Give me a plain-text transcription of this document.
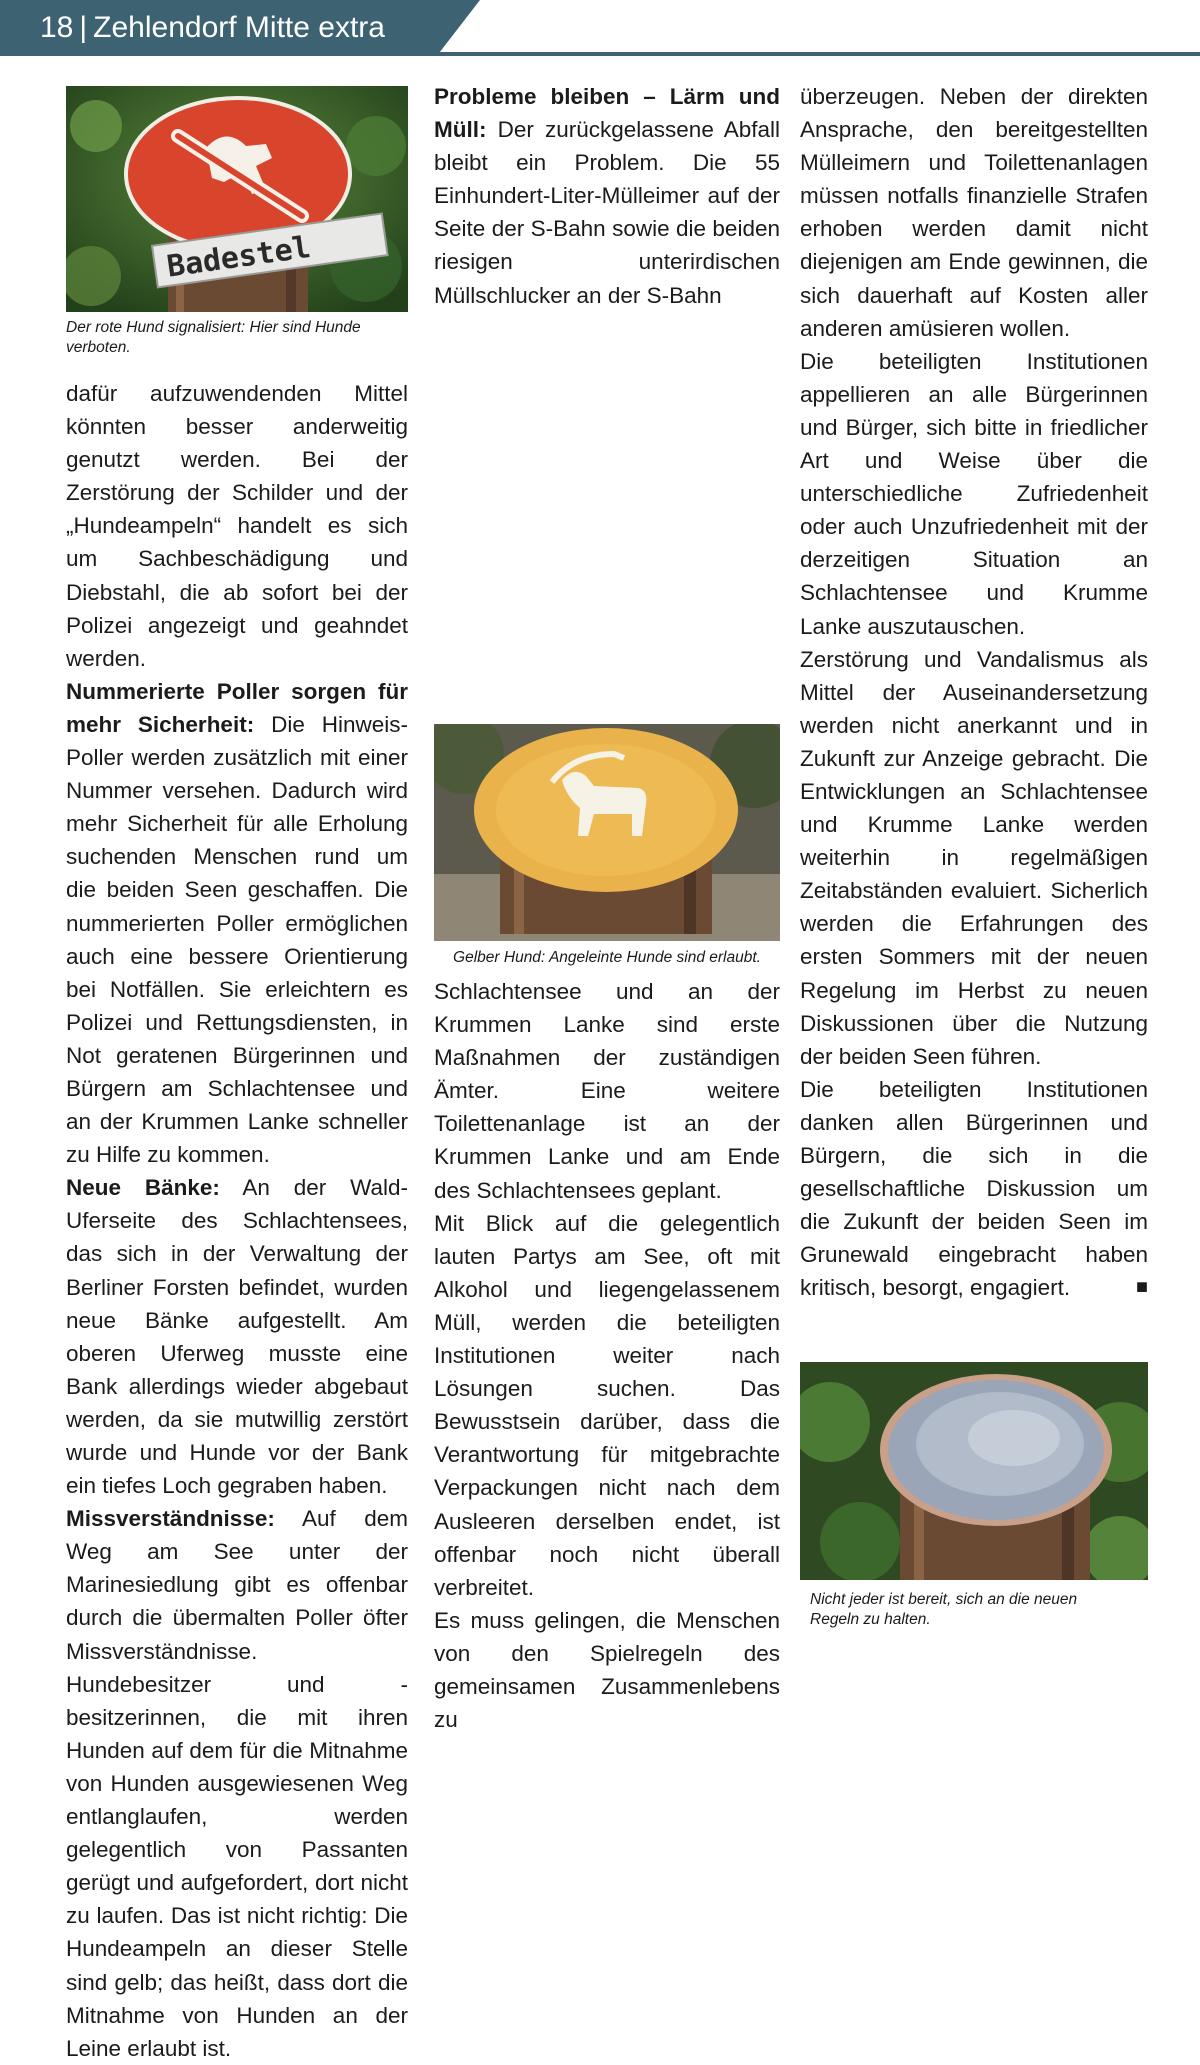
18 | Zehlendorf Mitte extra
Badestel
Der rote Hund signalisiert: Hier sind Hunde verboten.

dafür aufzuwendenden Mittel könnten besser anderweitig genutzt werden. Bei der Zerstörung der Schilder und der „Hundeampeln“ handelt es sich um Sachbeschädigung und Diebstahl, die ab sofort bei der Polizei angezeigt und geahndet werden.

Nummerierte Poller sorgen für mehr Sicherheit: Die Hinweis-Poller werden zusätzlich mit einer Nummer versehen. Dadurch wird mehr Sicherheit für alle Erholung suchenden Menschen rund um die beiden Seen geschaffen. Die nummerierten Poller ermöglichen auch eine bessere Orientierung bei Notfällen. Sie erleichtern es Polizei und Rettungsdiensten, in Not geratenen Bürgerinnen und Bürgern am Schlachtensee und an der Krummen Lanke schneller zu Hilfe zu kommen.

Neue Bänke: An der Wald-Uferseite des Schlachtensees, das sich in der Verwaltung der Berliner Forsten befindet, wurden neue Bänke aufgestellt. Am oberen Uferweg musste eine Bank allerdings wieder abgebaut werden, da sie mutwillig zerstört wurde und Hunde vor der Bank ein tiefes Loch gegraben haben.

Missverständnisse: Auf dem Weg am See unter der Marinesiedlung gibt es offenbar durch die übermalten Poller öfter Missverständnisse. Hundebesitzer und -besitzerinnen, die mit ihren Hunden auf dem für die Mitnahme von Hunden ausgewiesenen Weg entlanglaufen, werden gelegentlich von Passanten gerügt und aufgefordert, dort nicht zu laufen. Das ist nicht richtig: Die Hundeampeln an dieser Stelle sind gelb; das heißt, dass dort die Mitnahme von Hunden an der Leine erlaubt ist.

Gelber Hund: Angeleinte Hunde sind erlaubt.

Probleme bleiben – Lärm und Müll: Der zurückgelassene Abfall bleibt ein Problem. Die 55 Einhundert-Liter-Mülleimer auf der Seite der S-Bahn sowie die beiden riesigen unterirdischen Müllschlucker an der S-Bahn

Schlachtensee und an der Krummen Lanke sind erste Maßnahmen der zuständigen Ämter. Eine weitere Toilettenanlage ist an der Krummen Lanke und am Ende des Schlachtensees geplant.

Mit Blick auf die gelegentlich lauten Partys am See, oft mit Alkohol und liegengelassenem Müll, werden die beteiligten Institutionen weiter nach Lösungen suchen. Das Bewusstsein darüber, dass die Verantwortung für mitgebrachte Verpackungen nicht nach dem Ausleeren derselben endet, ist offenbar noch nicht überall verbreitet.

Es muss gelingen, die Menschen von den Spielregeln des gemeinsamen Zusammenlebens zu

überzeugen. Neben der direkten Ansprache, den bereitgestellten Mülleimern und Toilettenanlagen müssen notfalls finanzielle Strafen erhoben werden damit nicht diejenigen am Ende gewinnen, die sich dauerhaft auf Kosten aller anderen amüsieren wollen.

Die beteiligten Institutionen appellieren an alle Bürgerinnen und Bürger, sich bitte in friedlicher Art und Weise über die unterschiedliche Zufriedenheit oder auch Unzufriedenheit mit der derzeitigen Situation an Schlachtensee und Krumme Lanke auszutauschen.

Zerstörung und Vandalismus als Mittel der Auseinandersetzung werden nicht anerkannt und in Zukunft zur Anzeige gebracht. Die Entwicklungen an Schlachtensee und Krumme Lanke werden weiterhin in regelmäßigen Zeitabständen evaluiert. Sicherlich werden die Erfahrungen des ersten Sommers mit der neuen Regelung im Herbst zu neuen Diskussionen über die Nutzung der beiden Seen führen.

Die beteiligten Institutionen danken allen Bürgerinnen und Bürgern, die sich in die gesellschaftliche Diskussion um die Zukunft der beiden Seen im Grunewald eingebracht haben kritisch, besorgt, engagiert.	■

Nicht jeder ist bereit, sich an die neuen Regeln zu halten.
